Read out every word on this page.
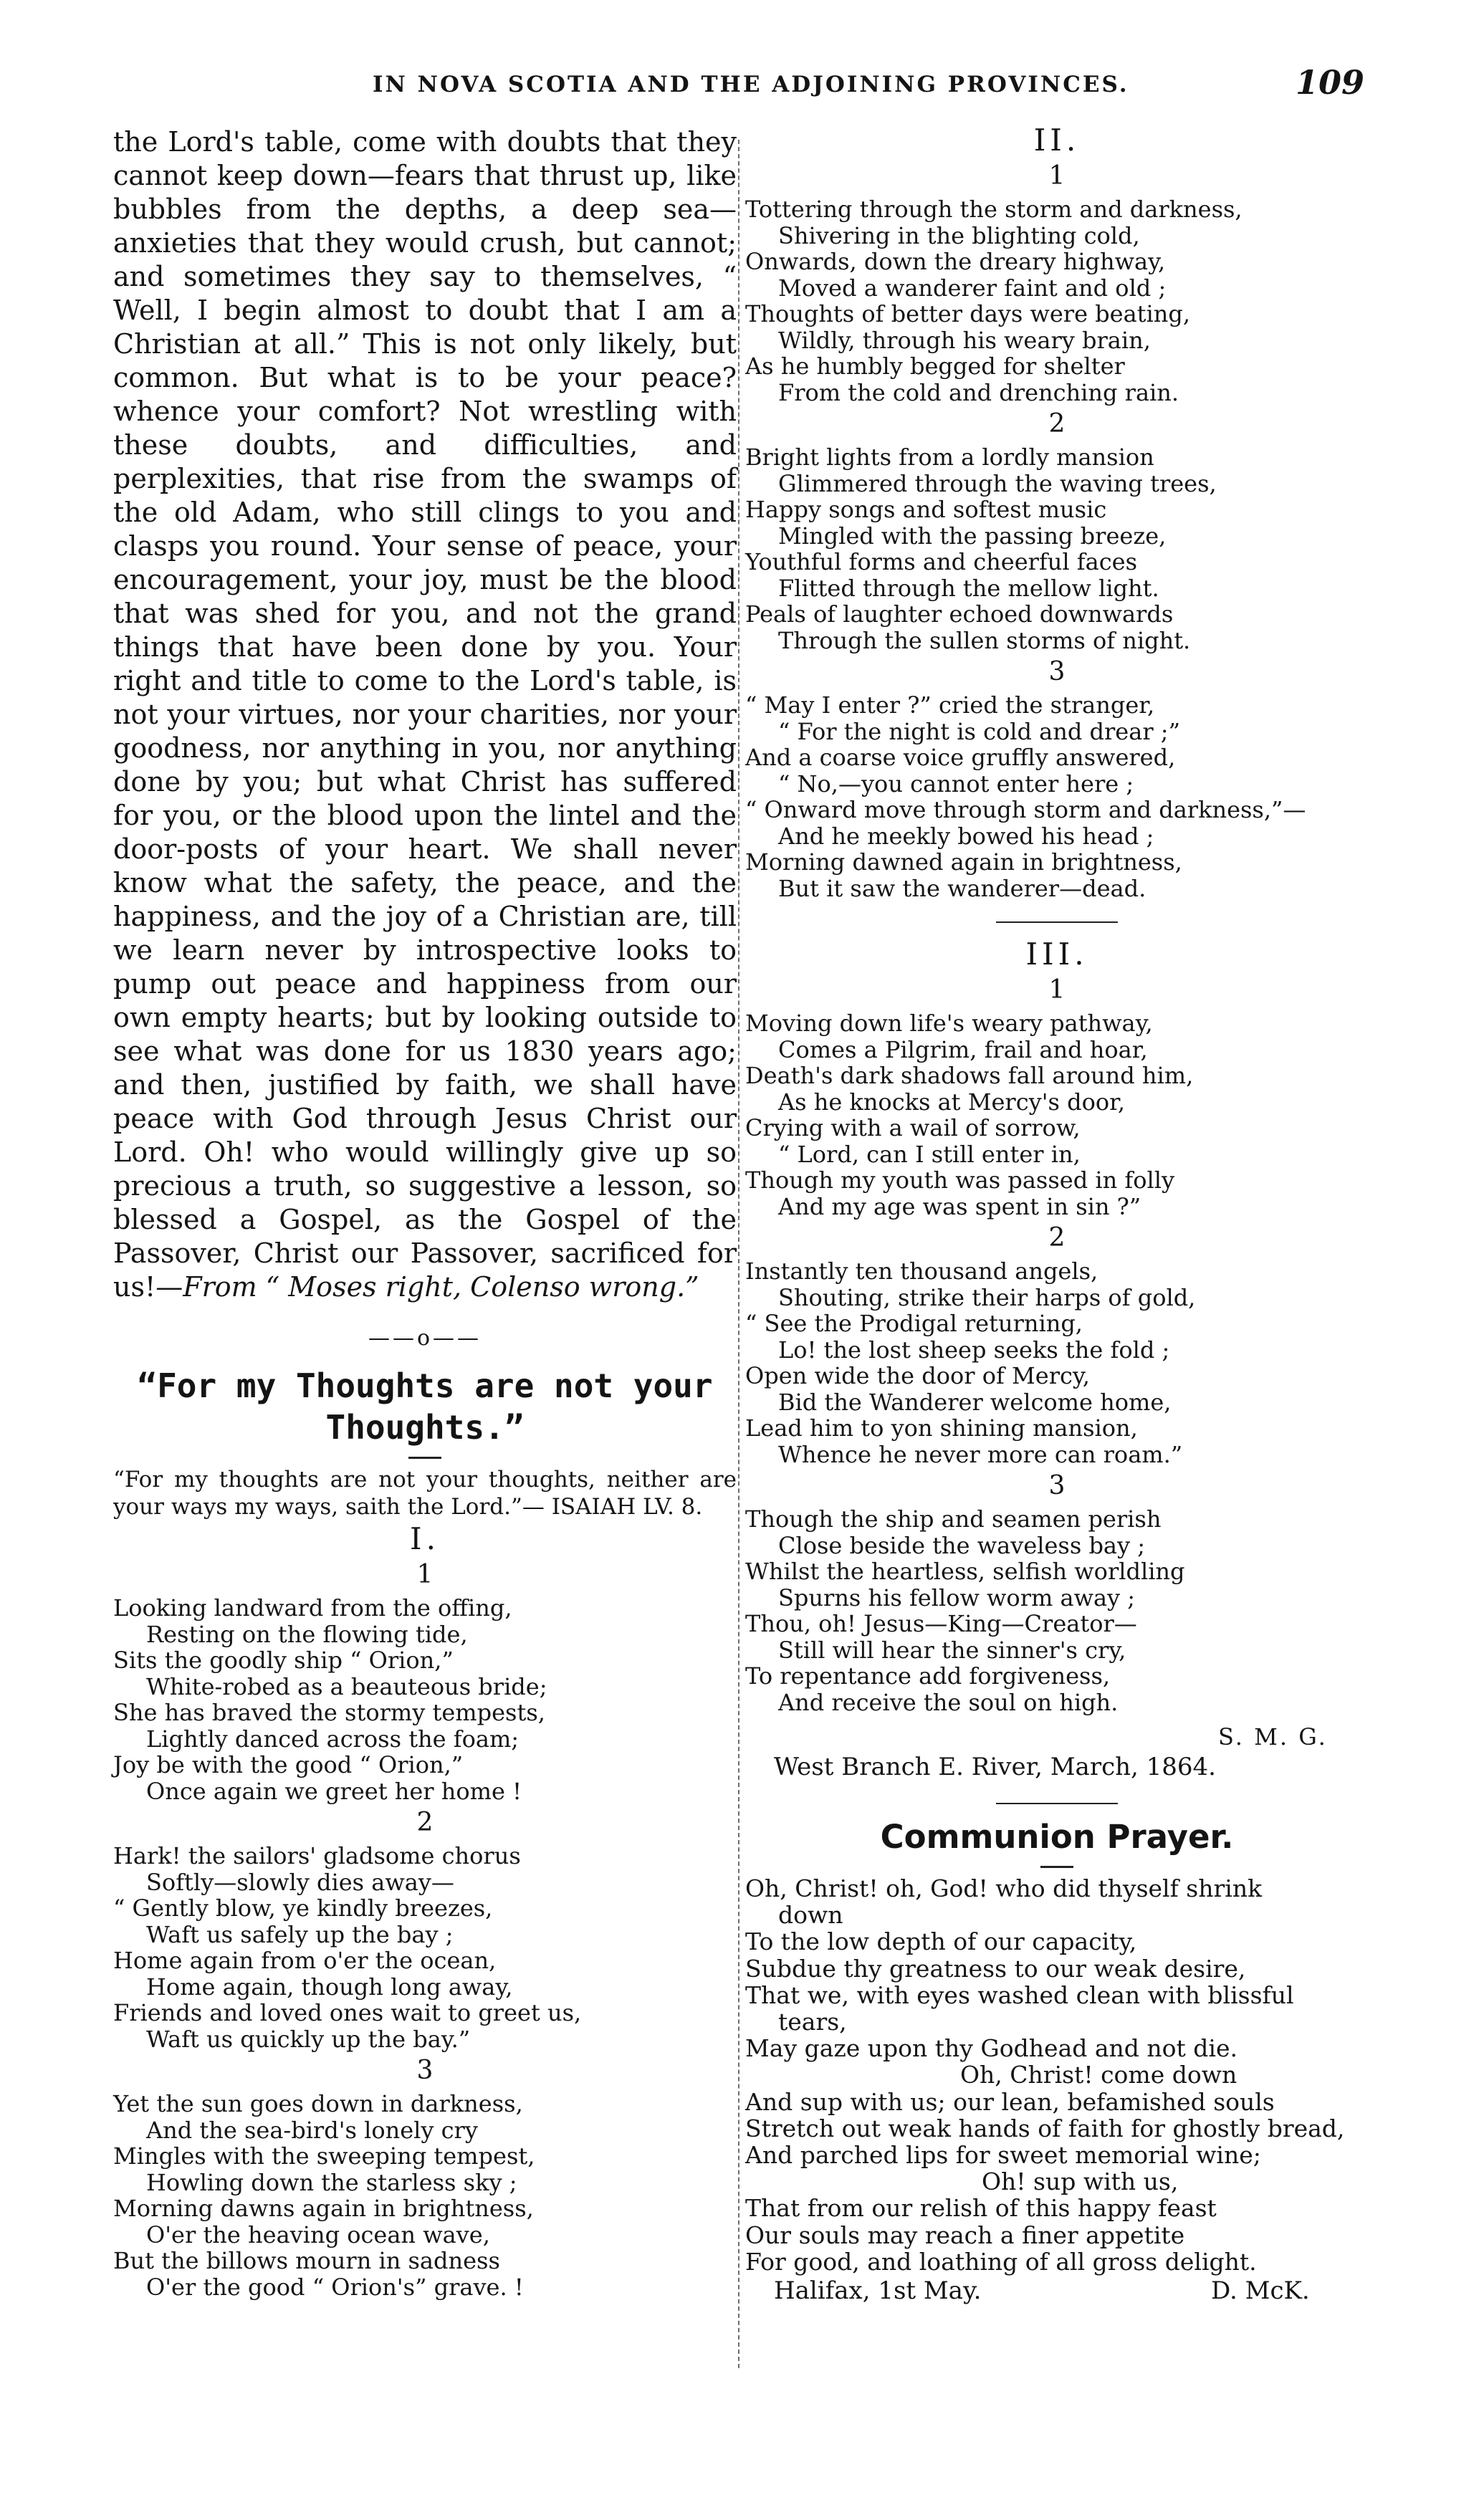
IN NOVA SCOTIA AND THE ADJOINING PROVINCES.	109

the Lord's table, come with doubts that they cannot keep down—fears that thrust up, like bubbles from the depths, a deep sea—anxieties that they would crush, but cannot; and sometimes they say to themselves, “ Well, I begin almost to doubt that I am a Christian at all.” This is not only likely, but common. But what is to be your peace? whence your comfort? Not wrestling with these doubts, and difficulties, and perplexities, that rise from the swamps of the old Adam, who still clings to you and clasps you round. Your sense of peace, your encouragement, your joy, must be the blood that was shed for you, and not the grand things that have been done by you. Your right and title to come to the Lord's table, is not your virtues, nor your charities, nor your goodness, nor anything in you, nor anything done by you; but what Christ has suffered for you, or the blood upon the lintel and the door-posts of your heart. We shall never know what the safety, the peace, and the happiness, and the joy of a Christian are, till we learn never by introspective looks to pump out peace and happiness from our own empty hearts; but by looking outside to see what was done for us 1830 years ago; and then, justified by faith, we shall have peace with God through Jesus Christ our Lord. Oh! who would willingly give up so precious a truth, so suggestive a lesson, so blessed a Gospel, as the Gospel of the Passover, Christ our Passover, sacrificed for us!—From “ Moses right, Colenso wrong.”

——o——
“For my Thoughts are not your Thoughts.”

“For my thoughts are not your thoughts, neither are your ways my ways, saith the Lord.”— ISAIAH LV. 8.

I.

1

Looking landward from the offing,

Resting on the flowing tide,

Sits the goodly ship “ Orion,”

White-robed as a beauteous bride;

She has braved the stormy tempests,

Lightly danced across the foam;

Joy be with the good “ Orion,”

Once again we greet her home !

2

Hark! the sailors' gladsome chorus

Softly—slowly dies away—

“ Gently blow, ye kindly breezes,

Waft us safely up the bay ;

Home again from o'er the ocean,

Home again, though long away,

Friends and loved ones wait to greet us,

Waft us quickly up the bay.”

3

Yet the sun goes down in darkness,

And the sea-bird's lonely cry

Mingles with the sweeping tempest,

Howling down the starless sky ;

Morning dawns again in brightness,

O'er the heaving ocean wave,

But the billows mourn in sadness

O'er the good “ Orion's” grave. !

II.

1

Tottering through the storm and darkness,

Shivering in the blighting cold,

Onwards, down the dreary highway,

Moved a wanderer faint and old ;

Thoughts of better days were beating,

Wildly, through his weary brain,

As he humbly begged for shelter

From the cold and drenching rain.

2

Bright lights from a lordly mansion

Glimmered through the waving trees,

Happy songs and softest music

Mingled with the passing breeze,

Youthful forms and cheerful faces

Flitted through the mellow light.

Peals of laughter echoed downwards

Through the sullen storms of night.

3

“ May I enter ?” cried the stranger,

“ For the night is cold and drear ;”

And a coarse voice gruffly answered,

“ No,—you cannot enter here ;

“ Onward move through storm and darkness,”—

And he meekly bowed his head ;

Morning dawned again in brightness,

But it saw the wanderer—dead.

III.

1

Moving down life's weary pathway,

Comes a Pilgrim, frail and hoar,

Death's dark shadows fall around him,

As he knocks at Mercy's door,

Crying with a wail of sorrow,

“ Lord, can I still enter in,

Though my youth was passed in folly

And my age was spent in sin ?”

2

Instantly ten thousand angels,

Shouting, strike their harps of gold,

“ See the Prodigal returning,

Lo! the lost sheep seeks the fold ;

Open wide the door of Mercy,

Bid the Wanderer welcome home,

Lead him to yon shining mansion,

Whence he never more can roam.”

3

Though the ship and seamen perish

Close beside the waveless bay ;

Whilst the heartless, selfish worldling

Spurns his fellow worm away ;

Thou, oh! Jesus—King—Creator—

Still will hear the sinner's cry,

To repentance add forgiveness,

And receive the soul on high.

S. M. G.

West Branch E. River, March, 1864.

Communion Prayer.

Oh, Christ! oh, God! who did thyself shrink

down

To the low depth of our capacity,

Subdue thy greatness to our weak desire,

That we, with eyes washed clean with blissful

tears,

May gaze upon thy Godhead and not die.

Oh, Christ! come down

And sup with us; our lean, befamished souls

Stretch out weak hands of faith for ghostly bread,

And parched lips for sweet memorial wine;

Oh! sup with us,

That from our relish of this happy feast

Our souls may reach a finer appetite

For good, and loathing of all gross delight.

Halifax, 1st May.	D. McK.
